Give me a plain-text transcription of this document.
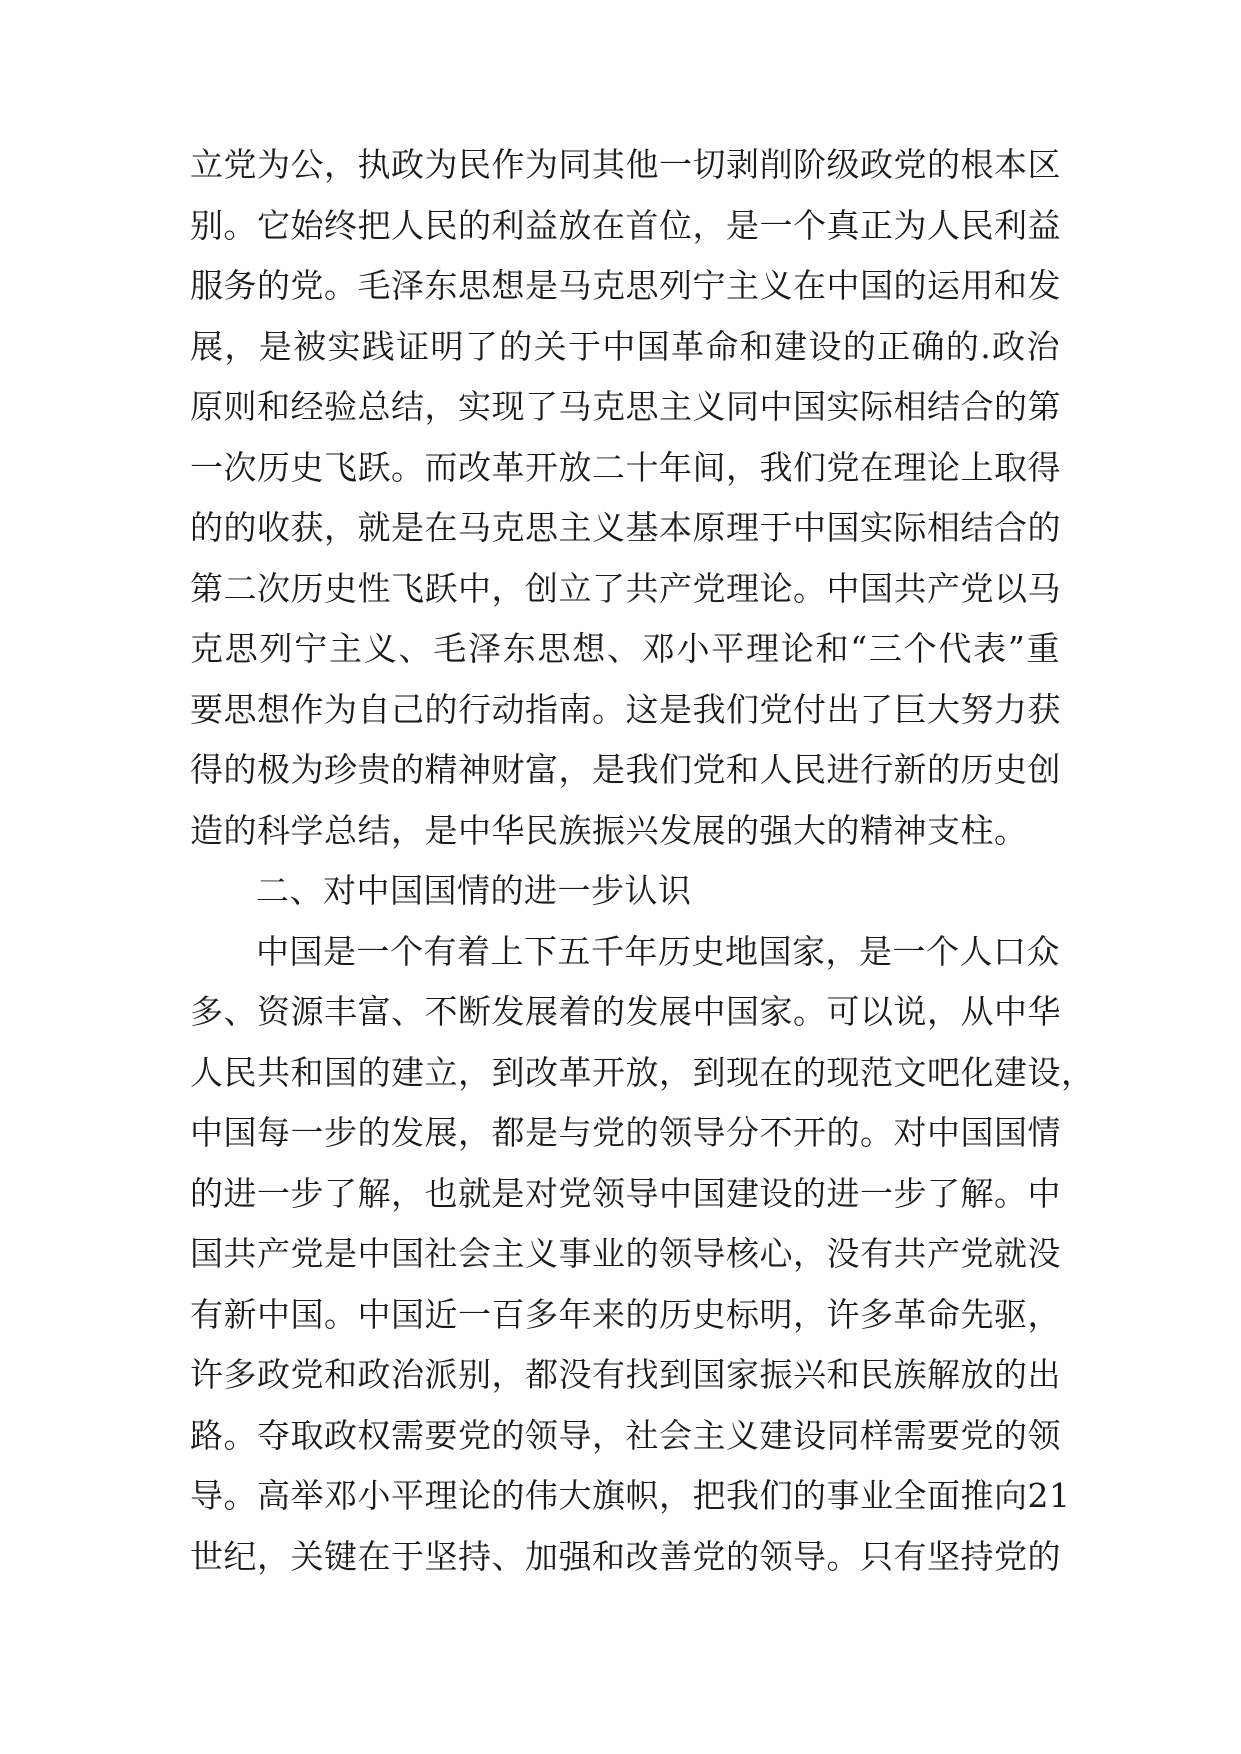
立党为公，执政为民作为同其他一切剥削阶级政党的根本区
别。它始终把人民的利益放在首位，是一个真正为人民利益
服务的党。毛泽东思想是马克思列宁主义在中国的运用和发
展，是被实践证明了的关于中国革命和建设的正确的.政治
原则和经验总结，实现了马克思主义同中国实际相结合的第
一次历史飞跃。而改革开放二十年间，我们党在理论上取得
的的收获，就是在马克思主义基本原理于中国实际相结合的
第二次历史性飞跃中，创立了共产党理论。中国共产党以马
克思列宁主义、毛泽东思想、邓小平理论和“三个代表”重
要思想作为自己的行动指南。这是我们党付出了巨大努力获
得的极为珍贵的精神财富，是我们党和人民进行新的历史创
造的科学总结，是中华民族振兴发展的强大的精神支柱。
二、对中国国情的进一步认识
中国是一个有着上下五千年历史地国家，是一个人口众
多、资源丰富、不断发展着的发展中国家。可以说，从中华
人民共和国的建立，到改革开放，到现在的现范文吧化建设，
中国每一步的发展，都是与党的领导分不开的。对中国国情
的进一步了解，也就是对党领导中国建设的进一步了解。中
国共产党是中国社会主义事业的领导核心，没有共产党就没
有新中国。中国近一百多年来的历史标明，许多革命先驱，
许多政党和政治派别，都没有找到国家振兴和民族解放的出
路。夺取政权需要党的领导，社会主义建设同样需要党的领
导。高举邓小平理论的伟大旗帜，把我们的事业全面推向21
世纪，关键在于坚持、加强和改善党的领导。只有坚持党的
